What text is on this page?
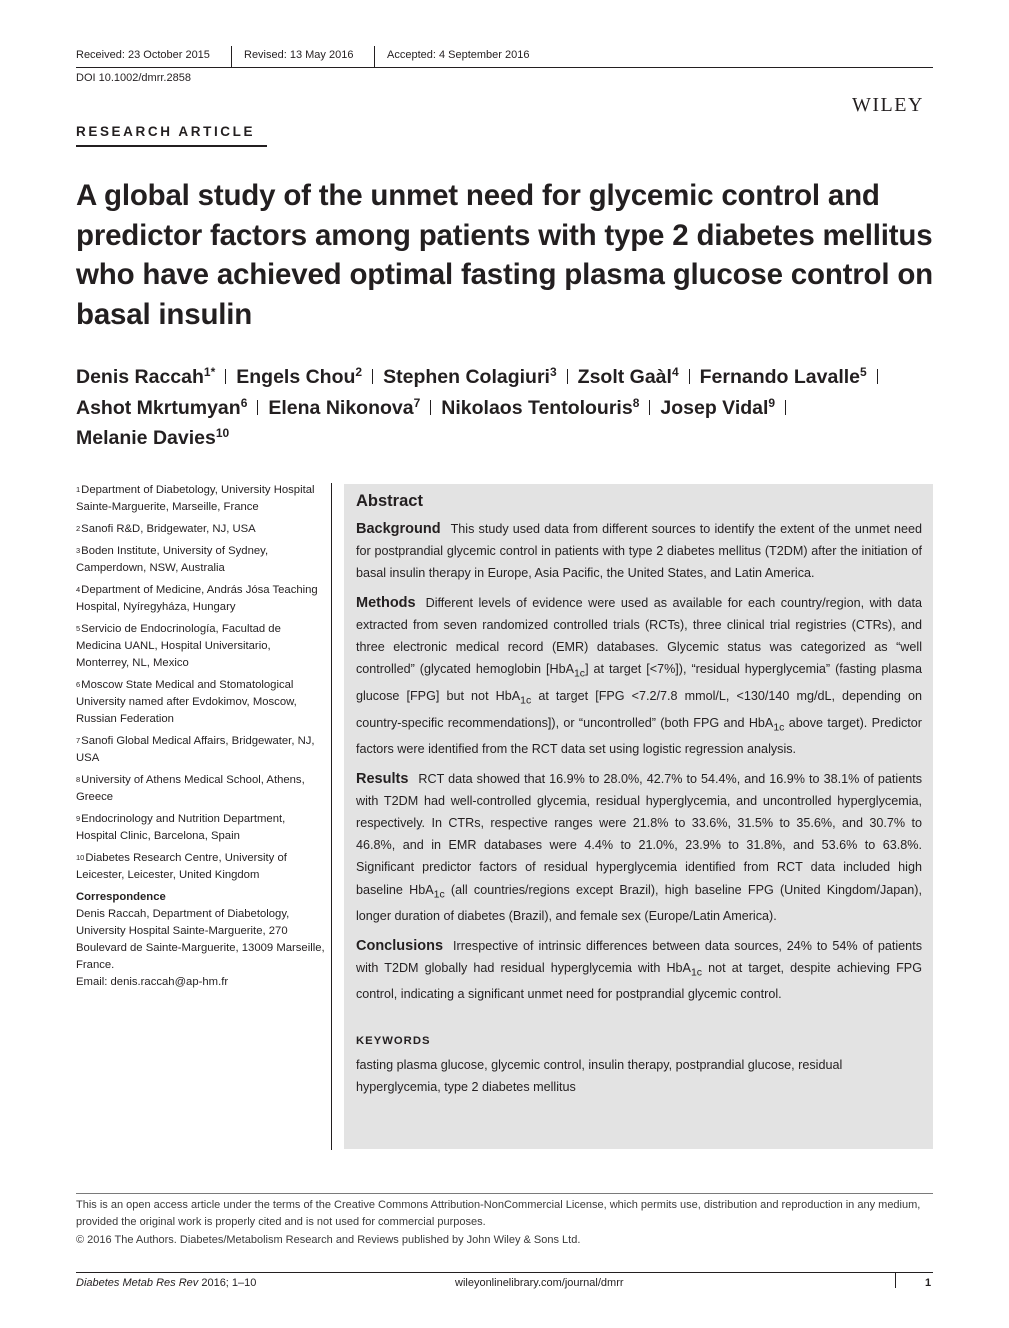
Received: 23 October 2015	Revised: 13 May 2016	Accepted: 4 September 2016
DOI 10.1002/dmrr.2858
WILEY
RESEARCH ARTICLE
A global study of the unmet need for glycemic control and predictor factors among patients with type 2 diabetes mellitus who have achieved optimal fasting plasma glucose control on basal insulin
Denis Raccah$^{1*}$ Engels Chou$^2$ Stephen Colagiuri$^3$ Zsolt Gaàl$^4$ Fernando Lavalle$^5$
Ashot Mkrtumyan$^6$ Elena Nikonova$^7$ Nikolaos Tentolouris$^8$ Josep Vidal$^9$
Melanie Davies$^{10}$

$^1$Department of Diabetology, University Hospital Sainte-Marguerite, Marseille, France

$^2$Sanofi R&D, Bridgewater, NJ, USA

$^3$Boden Institute, University of Sydney, Camperdown, NSW, Australia

$^4$Department of Medicine, András Jósa Teaching Hospital, Nyíregyháza, Hungary

$^5$Servicio de Endocrinología, Facultad de Medicina UANL, Hospital Universitario, Monterrey, NL, Mexico

$^6$Moscow State Medical and Stomatological University named after Evdokimov, Moscow, Russian Federation

$^7$Sanofi Global Medical Affairs, Bridgewater, NJ, USA

$^8$University of Athens Medical School, Athens, Greece

$^9$Endocrinology and Nutrition Department, Hospital Clinic, Barcelona, Spain

$^{10}$Diabetes Research Centre, University of Leicester, Leicester, United Kingdom

Correspondence

Denis Raccah, Department of Diabetology, University Hospital Sainte-Marguerite, 270 Boulevard de Sainte-Marguerite, 13009 Marseille, France.

Email: denis.raccah@ap-hm.fr

Abstract

Background This study used data from different sources to identify the extent of the unmet need for postprandial glycemic control in patients with type 2 diabetes mellitus (T2DM) after the initiation of basal insulin therapy in Europe, Asia Pacific, the United States, and Latin America.

Methods Different levels of evidence were used as available for each country/region, with data extracted from seven randomized controlled trials (RCTs), three clinical trial registries (CTRs), and three electronic medical record (EMR) databases. Glycemic status was categorized as “well controlled” (glycated hemoglobin [HbA$_{1c}$] at target [<7%]), “residual hyperglycemia” (fasting plasma glucose [FPG] but not HbA$_{1c}$ at target [FPG <7.2/7.8 mmol/L, <130/140 mg/dL, depending on country-specific recommendations]), or “uncontrolled” (both FPG and HbA$_{1c}$ above target). Predictor factors were identified from the RCT data set using logistic regression analysis.

Results RCT data showed that 16.9% to 28.0%, 42.7% to 54.4%, and 16.9% to 38.1% of patients with T2DM had well-controlled glycemia, residual hyperglycemia, and uncontrolled hyperglycemia, respectively. In CTRs, respective ranges were 21.8% to 33.6%, 31.5% to 35.6%, and 30.7% to 46.8%, and in EMR databases were 4.4% to 21.0%, 23.9% to 31.8%, and 53.6% to 63.8%. Significant predictor factors of residual hyperglycemia identified from RCT data included high baseline HbA$_{1c}$ (all countries/regions except Brazil), high baseline FPG (United Kingdom/Japan), longer duration of diabetes (Brazil), and female sex (Europe/Latin America).

Conclusions Irrespective of intrinsic differences between data sources, 24% to 54% of patients with T2DM globally had residual hyperglycemia with HbA$_{1c}$ not at target, despite achieving FPG control, indicating a significant unmet need for postprandial glycemic control.

KEYWORDS

fasting plasma glucose, glycemic control, insulin therapy, postprandial glucose, residual hyperglycemia, type 2 diabetes mellitus

This is an open access article under the terms of the Creative Commons Attribution-NonCommercial License, which permits use, distribution and reproduction in any medium, provided the original work is properly cited and is not used for commercial purposes.

© 2016 The Authors. Diabetes/Metabolism Research and Reviews published by John Wiley & Sons Ltd.

Diabetes Metab Res Rev 2016; 1–10	wileyonlinelibrary.com/journal/dmrr	1
